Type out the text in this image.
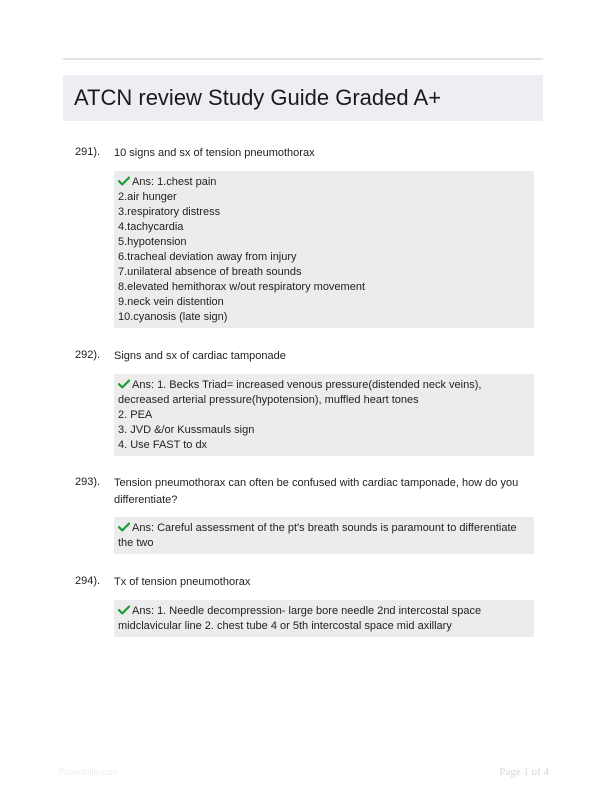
ATCN review Study Guide Graded A+
291). 10 signs and sx of tension pneumothorax
Ans: 1.chest pain
2.air hunger
3.respiratory distress
4.tachycardia
5.hypotension
6.tracheal deviation away from injury
7.unilateral absence of breath sounds
8.elevated hemithorax w/out respiratory movement
9.neck vein distention
10.cyanosis (late sign)
292). Signs and sx of cardiac tamponade
Ans: 1. Becks Triad= increased venous pressure(distended neck veins), decreased arterial pressure(hypotension), muffled heart tones
2. PEA
3. JVD &/or Kussmauls sign
4. Use FAST to dx
293). Tension pneumothorax can often be confused with cardiac tamponade, how do you differentiate?
Ans: Careful assessment of the pt's breath sounds is paramount to differentiate the two
294). Tx of tension pneumothorax
Ans: 1. Needle decompression- large bore needle 2nd intercostal space midclavicular line 2. chest tube 4 or 5th intercostal space mid axillary
Paperfolio.com	Page 1 of 4
